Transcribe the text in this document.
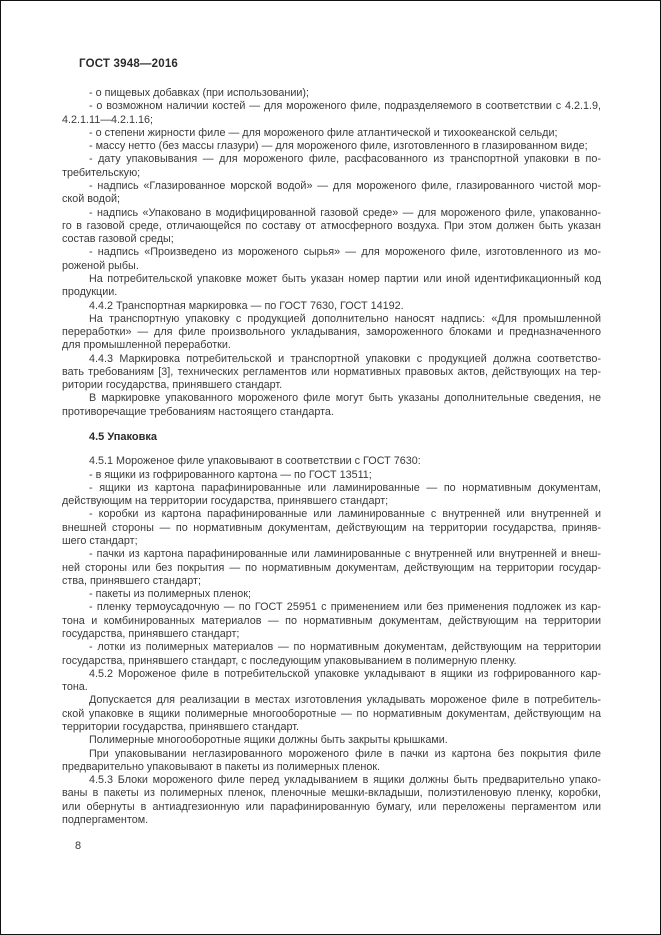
ГОСТ 3948—2016
- о пищевых добавках (при использовании);
- о возможном наличии костей — для мороженого филе, подразделяемого в соответствии с 4.2.1.9,
4.2.1.11—4.2.1.16;
- о степени жирности филе — для мороженого филе атлантической и тихоокеанской сельди;
- массу нетто (без массы глазури) — для мороженого филе, изготовленного в глазированном виде;
- дату упаковывания — для мороженого филе, расфасованного из транспортной упаковки в по-
требительскую;
- надпись «Глазированное морской водой» — для мороженого филе, глазированного чистой мор-
ской водой;
- надпись «Упаковано в модифицированной газовой среде» — для мороженого филе, упакованно-
го в газовой среде, отличающейся по составу от атмосферного воздуха. При этом должен быть указан
состав газовой среды;
- надпись «Произведено из мороженого сырья» — для мороженого филе, изготовленного из мо-
роженой рыбы.
На потребительской упаковке может быть указан номер партии или иной идентификационный код
продукции.
4.4.2 Транспортная маркировка — по ГОСТ 7630, ГОСТ 14192.
На транспортную упаковку с продукцией дополнительно наносят надпись: «Для промышленной
переработки» — для филе произвольного укладывания, замороженного блоками и предназначенного
для промышленной переработки.
4.4.3 Маркировка потребительской и транспортной упаковки с продукцией должна соответство-
вать требованиям [3], технических регламентов или нормативных правовых актов, действующих на тер-
ритории государства, принявшего стандарт.
В маркировке упакованного мороженого филе могут быть указаны дополнительные сведения, не
противоречащие требованиям настоящего стандарта.
4.5 Упаковка
4.5.1 Мороженое филе упаковывают в соответствии с ГОСТ 7630:
- в ящики из гофрированного картона — по ГОСТ 13511;
- ящики из картона парафинированные или ламинированные — по нормативным документам,
действующим на территории государства, принявшего стандарт;
- коробки из картона парафинированные или ламинированные с внутренней или внутренней и
внешней стороны — по нормативным документам, действующим на территории государства, приняв-
шего стандарт;
- пачки из картона парафинированные или ламинированные с внутренней или внутренней и внеш-
ней стороны или без покрытия — по нормативным документам, действующим на территории государ-
ства, принявшего стандарт;
- пакеты из полимерных пленок;
- пленку термоусадочную — по ГОСТ 25951 с применением или без применения подложек из кар-
тона и комбинированных материалов — по нормативным документам, действующим на территории
государства, принявшего стандарт;
- лотки из полимерных материалов — по нормативным документам, действующим на территории
государства, принявшего стандарт, с последующим упаковыванием в полимерную пленку.
4.5.2 Мороженое филе в потребительской упаковке укладывают в ящики из гофрированного кар-
тона.
Допускается для реализации в местах изготовления укладывать мороженое филе в потребитель-
ской упаковке в ящики полимерные многооборотные — по нормативным документам, действующим на
территории государства, принявшего стандарт.
Полимерные многооборотные ящики должны быть закрыты крышками.
При упаковывании неглазированного мороженого филе в пачки из картона без покрытия филе
предварительно упаковывают в пакеты из полимерных пленок.
4.5.3 Блоки мороженого филе перед укладыванием в ящики должны быть предварительно упако-
ваны в пакеты из полимерных пленок, пленочные мешки-вкладыши, полиэтиленовую пленку, коробки,
или обернуты в антиадгезионную или парафинированную бумагу, или переложены пергаментом или
подпергаментом.
8
